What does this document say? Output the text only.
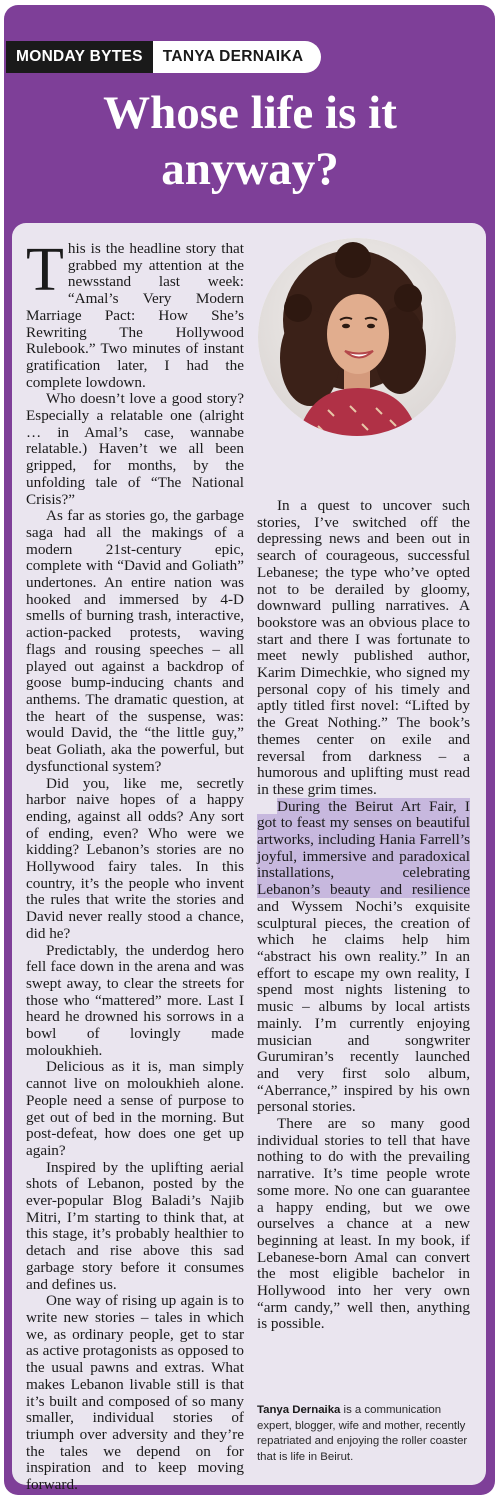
MONDAY BYTES	TANYA DERNAIKA
Whose life is it
anyway?

This is the headline story that grabbed my attention at the newsstand last week: “Amal’s Very Modern Marriage Pact: How She’s Rewriting The Hollywood Rulebook.” Two minutes of instant gratification later, I had the complete lowdown.

Who doesn’t love a good story? Especially a relatable one (alright … in Amal’s case, wannabe relatable.) Haven’t we all been gripped, for months, by the unfolding tale of “The National Crisis?”

As far as stories go, the garbage saga had all the makings of a modern 21st-century epic, complete with “David and Goliath” undertones. An entire nation was hooked and immersed by 4-D smells of burning trash, interactive, action-packed protests, waving flags and rousing speeches – all played out against a backdrop of goose bump-inducing chants and anthems. The dramatic question, at the heart of the suspense, was: would David, the “the little guy,” beat Goliath, aka the powerful, but dysfunctional system?

Did you, like me, secretly harbor naive hopes of a happy ending, against all odds? Any sort of ending, even? Who were we kidding? Lebanon’s stories are no Hollywood fairy tales. In this country, it’s the people who invent the rules that write the stories and David never really stood a chance, did he?

Predictably, the underdog hero fell face down in the arena and was swept away, to clear the streets for those who “mattered” more. Last I heard he drowned his sorrows in a bowl of lovingly made moloukhieh.

Delicious as it is, man simply cannot live on moloukhieh alone. People need a sense of purpose to get out of bed in the morning. But post-defeat, how does one get up again?

Inspired by the uplifting aerial shots of Lebanon, posted by the ever-popular Blog Baladi’s Najib Mitri, I’m starting to think that, at this stage, it’s probably healthier to detach and rise above this sad garbage story before it consumes and defines us.

One way of rising up again is to write new stories – tales in which we, as ordinary people, get to star as active protagonists as opposed to the usual pawns and extras. What makes Lebanon livable still is that it’s built and composed of so many smaller, individual stories of triumph over adversity and they’re the tales we depend on for inspiration and to keep moving forward.

In a quest to uncover such stories, I’ve switched off the depressing news and been out in search of courageous, successful Lebanese; the type who’ve opted not to be derailed by gloomy, downward pulling narratives. A bookstore was an obvious place to start and there I was fortunate to meet newly published author, Karim Dimechkie, who signed my personal copy of his timely and aptly titled first novel: “Lifted by the Great Nothing.” The book’s themes center on exile and reversal from darkness – a humorous and uplifting must read in these grim times.

During the Beirut Art Fair, I got to feast my senses on beautiful artworks, including Hania Farrell’s joyful, immersive and paradoxical installations, celebrating Lebanon’s beauty and resilience and Wyssem Nochi’s exquisite sculptural pieces, the creation of which he claims help him “abstract his own reality.” In an effort to escape my own reality, I spend most nights listening to music – albums by local artists mainly. I’m currently enjoying musician and songwriter Gurumiran’s recently launched and very first solo album, “Aberrance,” inspired by his own personal stories.

There are so many good individual stories to tell that have nothing to do with the prevailing narrative. It’s time people wrote some more. No one can guarantee a happy ending, but we owe ourselves a chance at a new beginning at least. In my book, if Lebanese-born Amal can convert the most eligible bachelor in Hollywood into her very own “arm candy,” well then, anything is possible.

Tanya Dernaika is a communication expert, blogger, wife and mother, recently repatriated and enjoying the roller coaster that is life in Beirut.
